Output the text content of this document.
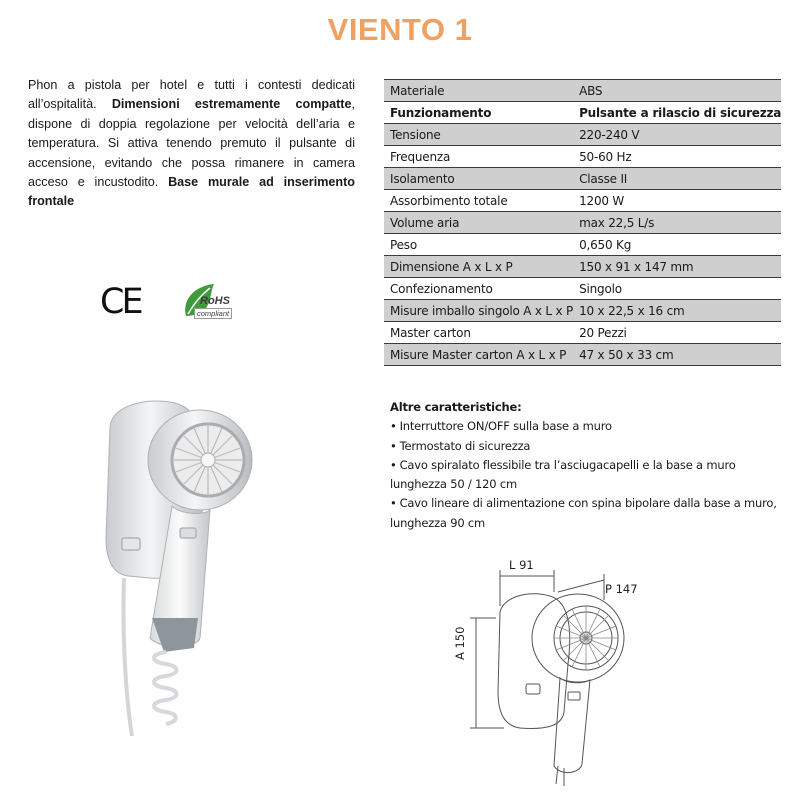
VIENTO 1
Phon a pistola per hotel e tutti i contesti dedicati all’ospitalità. Dimensioni estremamente compatte, dispone di doppia regolazione per velocità dell’aria e temperatura. Si attiva tenendo premuto il pulsante di accensione, evitando che possa rimanere in camera acceso e incustodito. Base murale ad inserimento frontale
CE	RoHS
compliant
Materiale	ABS
Funzionamento	Pulsante a rilascio di sicurezza
Tensione	220-240 V
Frequenza	50-60 Hz
Isolamento	Classe II
Assorbimento totale	1200 W
Volume aria	max 22,5 L/s
Peso	0,650 Kg
Dimensione A x L x P	150 x 91 x 147 mm
Confezionamento	Singolo
Misure imballo singolo A x L x P	10 x 22,5 x 16 cm
Master carton	20 Pezzi
Misure Master carton A x L x P	47 x 50 x 33 cm
Altre caratteristiche:
• Interruttore ON/OFF sulla base a muro
• Termostato di sicurezza
• Cavo spiralato flessibile tra l’asciugacapelli e la base a muro lunghezza 50 / 120 cm
• Cavo lineare di alimentazione con spina bipolare dalla base a muro, lunghezza 90 cm
L 91
P 147
A 150
